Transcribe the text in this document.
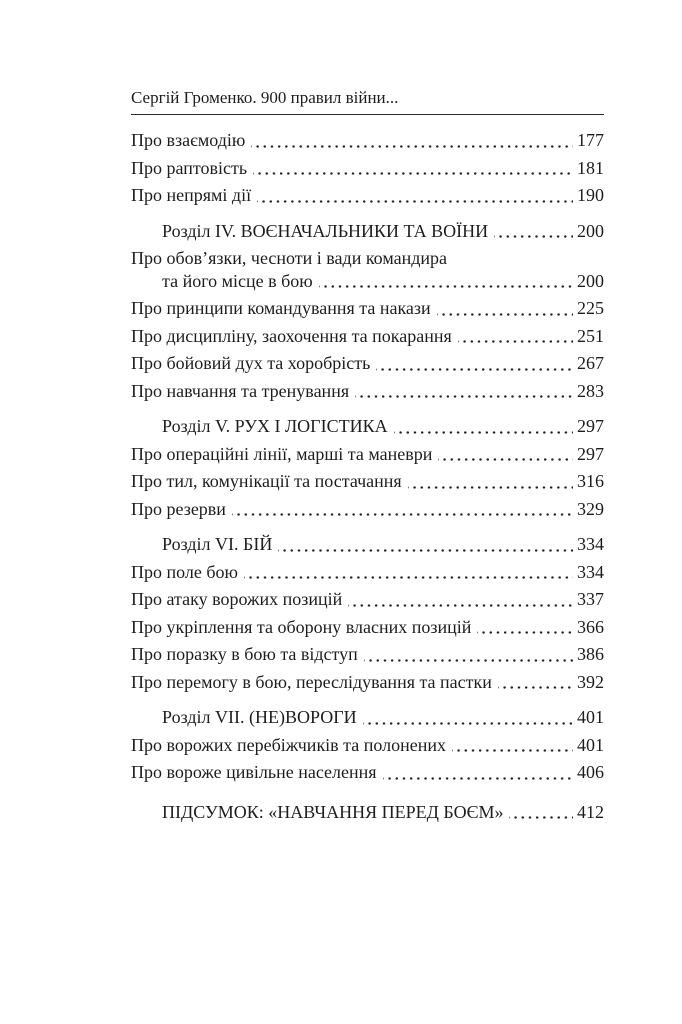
Сергій Громенко. 900 правил війни...
Про взаємодію	177
Про раптовість	181
Про непрямі дії	190
Розділ IV. ВОЄНАЧАЛЬНИКИ ТА ВОЇНИ	200
Про обов’язки, чесноти і вади командира
та його місце в бою	200
Про принципи командування та накази	225
Про дисципліну, заохочення та покарання	251
Про бойовий дух та хоробрість	267
Про навчання та тренування	283
Розділ V. РУХ І ЛОГІСТИКА	297
Про операційні лінії, марші та маневри	297
Про тил, комунікації та постачання	316
Про резерви	329
Розділ VI. БІЙ	334
Про поле бою	334
Про атаку ворожих позицій	337
Про укріплення та оборону власних позицій	366
Про поразку в бою та відступ	386
Про перемогу в бою, переслідування та пастки	392
Розділ VII. (НЕ)ВОРОГИ	401
Про ворожих перебіжчиків та полонених	401
Про вороже цивільне населення	406
ПІДСУМОК: «НАВЧАННЯ ПЕРЕД БОЄМ»	412
